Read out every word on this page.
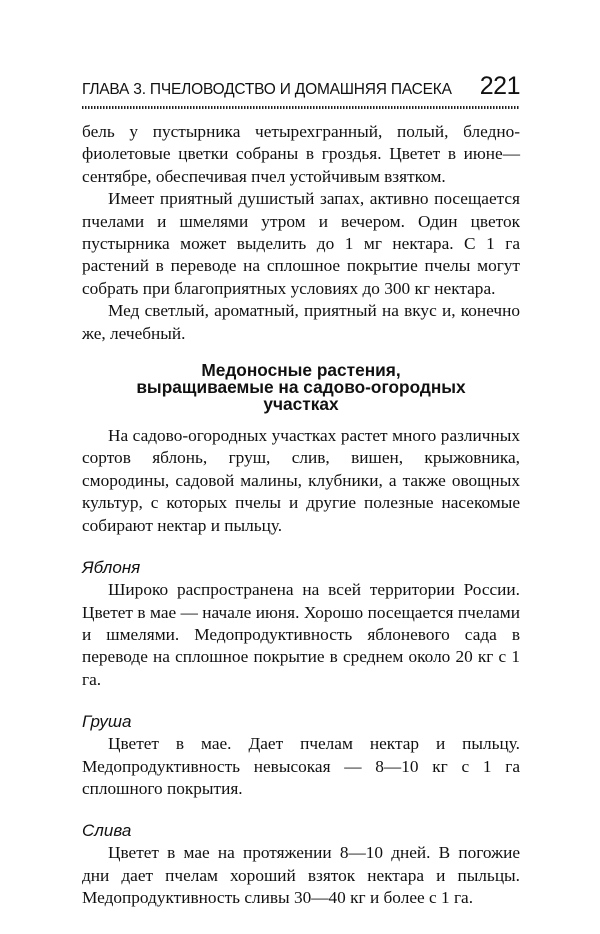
ГЛАВА 3. ПЧЕЛОВОДСТВО И ДОМАШНЯЯ ПАСЕКА 221

бель у пустырника четырехгранный, полый, бледно-фиолетовые цветки собраны в гроздья. Цветет в июне—сентябре, обеспечивая пчел устойчивым взятком.

Имеет приятный душистый запах, активно посещается пчелами и шмелями утром и вечером. Один цветок пустырника может выделить до 1 мг нектара. С 1 га растений в переводе на сплошное покрытие пчелы могут собрать при благоприятных условиях до 300 кг нектара.

Мед светлый, ароматный, приятный на вкус и, конечно же, лечебный.

Медоносные растения,
выращиваемые на садово-огородных
участках

На садово-огородных участках растет много различных сортов яблонь, груш, слив, вишен, крыжовника, смородины, садовой малины, клубники, а также овощных культур, с которых пчелы и другие полезные насекомые собирают нектар и пыльцу.

Яблоня

Широко распространена на всей территории России. Цветет в мае — начале июня. Хорошо посещается пчелами и шмелями. Медопродуктивность яблоневого сада в переводе на сплошное покрытие в среднем около 20 кг с 1 га.

Груша

Цветет в мае. Дает пчелам нектар и пыльцу. Медопродуктивность невысокая — 8—10 кг с 1 га сплошного покрытия.

Слива

Цветет в мае на протяжении 8—10 дней. В погожие дни дает пчелам хороший взяток нектара и пыльцы. Медопродуктивность сливы 30—40 кг и более с 1 га.
